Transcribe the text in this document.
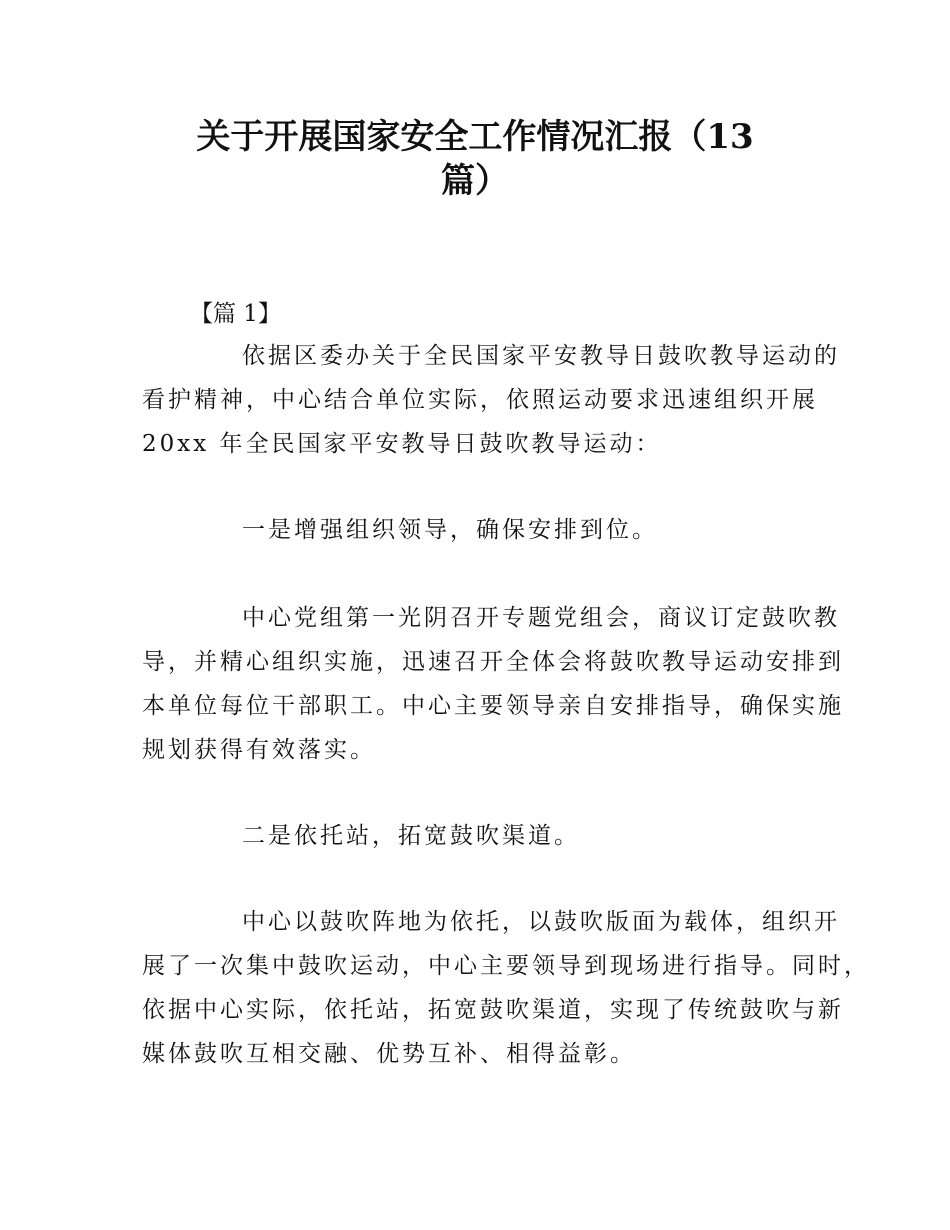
关于开展国家安全工作情况汇报（13
篇）

【篇 1】

依据区委办关于全民国家平安教导日鼓吹教导运动的
看护精神，中心结合单位实际，依照运动要求迅速组织开展
20xx 年全民国家平安教导日鼓吹教导运动：
一是增强组织领导，确保安排到位。
中心党组第一光阴召开专题党组会，商议订定鼓吹教
导，并精心组织实施，迅速召开全体会将鼓吹教导运动安排到
本单位每位干部职工。中心主要领导亲自安排指导，确保实施
规划获得有效落实。
二是依托站，拓宽鼓吹渠道。
中心以鼓吹阵地为依托，以鼓吹版面为载体，组织开
展了一次集中鼓吹运动，中心主要领导到现场进行指导。同时，
依据中心实际，依托站，拓宽鼓吹渠道，实现了传统鼓吹与新
媒体鼓吹互相交融、优势互补、相得益彰。
